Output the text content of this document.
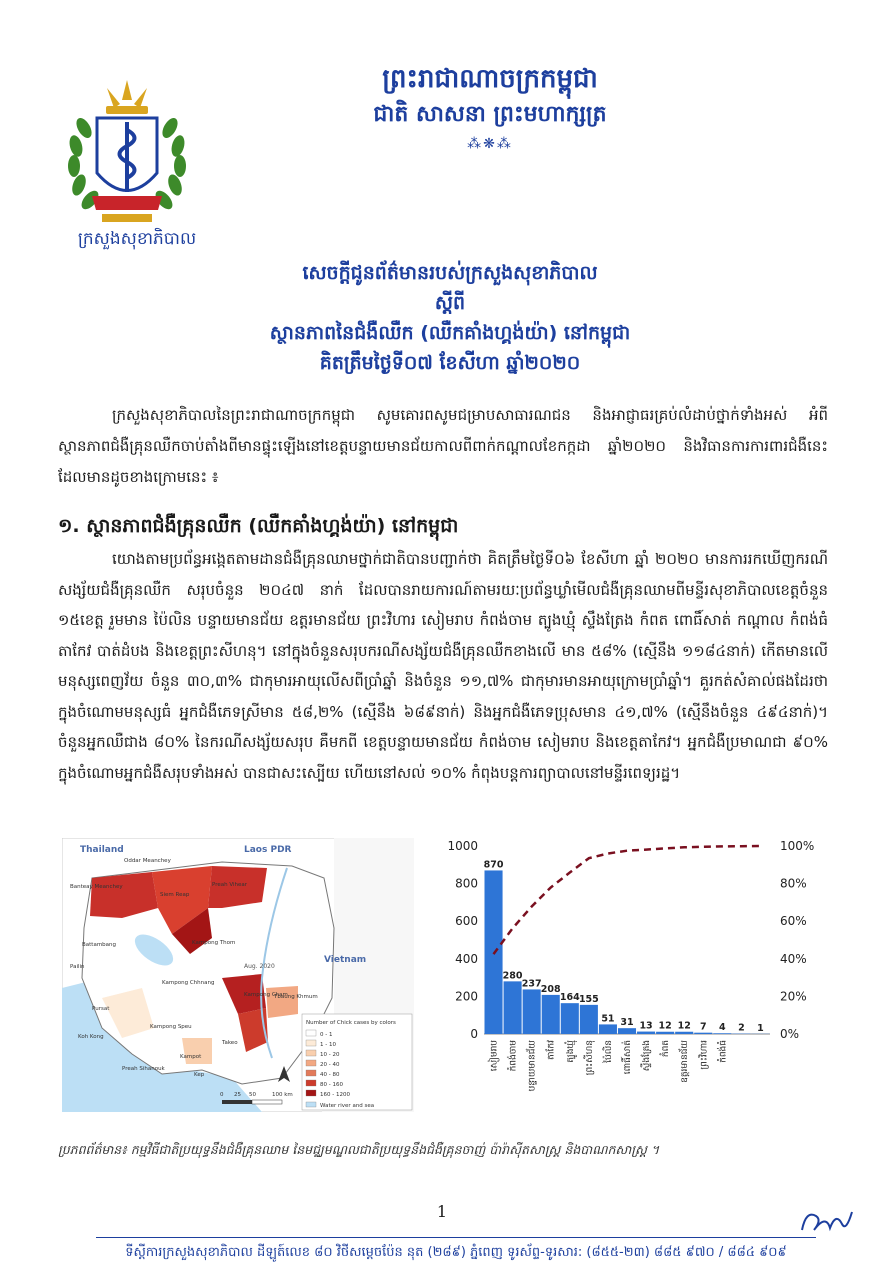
ក្រសួងសុខាភិបាល
ព្រះរាជាណាចក្រកម្ពុជា
ជាតិ សាសនា ព្រះមហាក្សត្រ
⁂❋⁂
សេចក្តីជូនព័ត៌មានរបស់ក្រសួងសុខាភិបាល
ស្តីពី
ស្ថានភាពនៃជំងឺឈឺក (ឈឺកគាំងហ្គង់យ៉ា) នៅកម្ពុជា
គិតត្រឹមថ្ងៃទី០៧ ខែសីហា ឆ្នាំ២០២០

ក្រសួងសុខាភិបាលនៃព្រះរាជាណាចក្រកម្ពុជា សូមគោរពសូមជម្រាបសាធារណជន និងអាជ្ញាធរគ្រប់លំដាប់ថ្នាក់ទាំងអស់ អំពីស្ថានភាពជំងឺគ្រុនឈឺកចាប់តាំងពីមានផ្ទុះឡើងនៅខេត្តបន្ទាយមានជ័យកាលពីពាក់កណ្តាលខែកក្កដា ឆ្នាំ២០២០ និងវិធានការការពារជំងឺនេះ ដែលមានដូចខាងក្រោមនេះ ៖

១. ស្ថានភាពជំងឺគ្រុនឈឺក (ឈឺកគាំងហ្គង់យ៉ា) នៅកម្ពុជា

យោងតាមប្រព័ន្ធអង្កេតតាមដានជំងឺគ្រុនឈាមថ្នាក់ជាតិបានបញ្ជាក់ថា គិតត្រឹមថ្ងៃទី០៦ ខែសីហា ឆ្នាំ ២០២០ មានការរកឃើញករណីសង្ស័យជំងឺគ្រុនឈឺក សរុបចំនួន ២០៤៧ នាក់ ដែលបានរាយការណ៍តាមរយៈប្រព័ន្ធឃ្លាំមើលជំងឺគ្រុនឈាមពីមន្ទីរសុខាភិបាលខេត្តចំនួន ១៥ខេត្ត រួមមាន ប៉ៃលិន បន្ទាយមានជ័យ ឧត្តរមានជ័យ ព្រះវិហារ សៀមរាប កំពង់ចាម ត្បូងឃ្មុំ ស្ទឹងត្រែង កំពត ពោធិ៍សាត់ កណ្តាល កំពង់ធំ តាកែវ បាត់ដំបង និងខេត្តព្រះសីហនុ។ នៅក្នុងចំនួនសរុបករណីសង្ស័យជំងឺគ្រុនឈឺកខាងលើ មាន ៥៨% (ស្មើនឹង ១១៨៤នាក់) កើតមានលើមនុស្សពេញវ័យ ចំនួន ៣០,៣% ជាកុមារអាយុលើសពីប្រាំឆ្នាំ និងចំនួន ១១,៧% ជាកុមារមានអាយុក្រោមប្រាំឆ្នាំ។ គួរកត់សំគាល់ផងដែរថា ក្នុងចំណោមមនុស្សធំ អ្នកជំងឺភេទស្រីមាន ៥៨,២% (ស្មើនឹង ៦៨៩នាក់) និងអ្នកជំងឺភេទប្រុសមាន ៤១,៧% (ស្មើនឹងចំនួន ៤៩៤នាក់)។ ចំនួនអ្នកឈឺជាង ៨០% នៃករណីសង្ស័យសរុប គឺមកពី ខេត្តបន្ទាយមានជ័យ កំពង់ចាម សៀមរាប និងខេត្តតាកែវ។ អ្នកជំងឺប្រមាណជា ៩០% ក្នុងចំណោមអ្នកជំងឺសរុបទាំងអស់ បានជាសះស្បើយ ហើយនៅសល់ ១០% កំពុងបន្តការព្យាបាលនៅមន្ទីរពេទ្យរដ្ឋ។

Thailand	Laos PDR
Vietnam
Oddar Meanchey
Banteay Meanchey
Siem Reap
Preah Vihear
Battambang
Pailin
Pursat
Kampong Thom
Kampong Chhnang
Kampong Speu
Kampong Cham
Tbaung Khmum
Takeo
Kampot
Kep
Preah Sihanouk
Koh Kong
Aug. 2020
Number of Chick cases by colors
0 - 1
1 - 10
10 - 20
20 - 40
40 - 80
80 - 160
160 - 1200
Water river and sea
0 25 50	100 km
0
200
400
600
800
1000
0%
20%
40%
60%
80%
100%
870
280
237 208
164 155
51 31 13 12 12 7 4 2 1
សៀមរាប កំពង់ចាម បន្ទាយមានជ័យ តាកែវ ត្បូងឃ្មុំ ព្រះសីហនុ ប៉ៃលិន	ពោធិ៍សាត់ ស្ទឹងត្រែង កំពត ឧត្តរមានជ័យ ព្រះវិហារ កំពង់ធំ
ប្រភពព័ត៌មាន៖ កម្មវិធីជាតិប្រយុទ្ធនឹងជំងឺគ្រុនឈាម នៃមជ្ឈមណ្ឌលជាតិប្រយុទ្ធនឹងជំងឺគ្រុនចាញ់ ប៉ារ៉ាស៊ីតសាស្ត្រ និងបាណកសាស្ត្រ ។
1
ទីស្តីការក្រសួងសុខាភិបាល ដីឡូត៍លេខ ៨០ វិថីសម្តេចប៉ែន នុត (២៨៩) ភ្នំពេញ ទូរស័ព្ទ-ទូរសារ: (៨៥៥-២៣) ៨៨៥ ៩៧០ / ៨៨៤ ៩០៩
